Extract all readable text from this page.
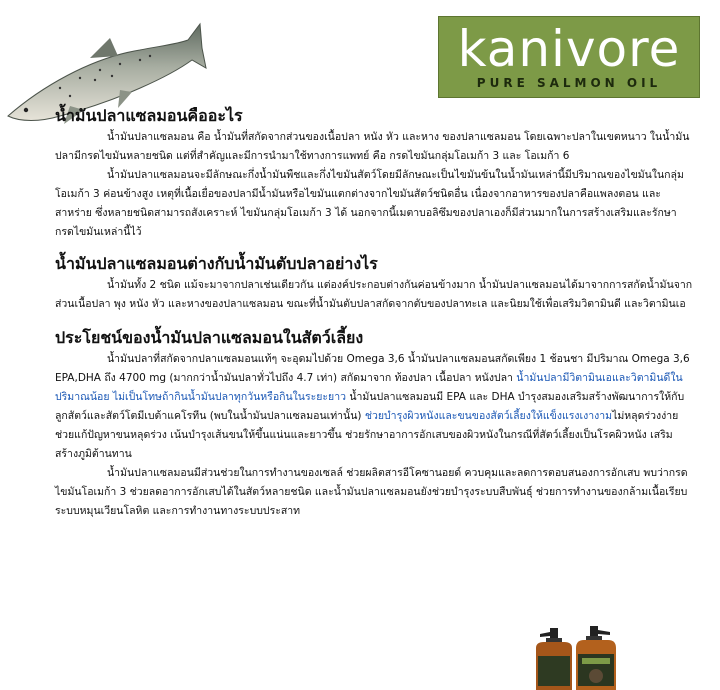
kanivore
PURE SALMON OIL
น้ำมันปลาแซลมอนคืออะไร

น้ำมันปลาแซลมอน คือ น้ำมันที่สกัดจากส่วนของเนื้อปลา หนัง หัว และหาง ของปลาแซลมอน โดยเฉพาะปลาในเขตหนาว ในน้ำมันปลามีกรดไขมันหลายชนิด แต่ที่สำคัญและมีการนำมาใช้ทางการแพทย์ คือ กรดไขมันกลุ่มโอเมก้า 3 และ โอเมก้า 6

น้ำมันปลาแซลมอนจะมีลักษณะกึ่งน้ำมันพืชและกึ่งไขมันสัตว์โดยมีลักษณะเป็นไขมันข้นในน้ำมันเหล่านี้มีปริมาณของไขมันในกลุ่มโอเมก้า 3 ค่อนข้างสูง เหตุที่เนื้อเยื่อของปลามีน้ำมันหรือไขมันแตกต่างจากไขมันสัตว์ชนิดอื่น เนื่องจากอาหารของปลาคือแพลงตอน และสาหร่าย ซึ่งหลายชนิดสามารถสังเคราะห์ ไขมันกลุ่มโอเมก้า 3 ได้ นอกจากนี้เมตาบอลิซึมของปลาเองก็มีส่วนมากในการสร้างเสริมและรักษากรดไขมันเหล่านี้ไว้

น้ำมันปลาแซลมอนต่างกับน้ำมันตับปลาอย่างไร

น้ำมันทั้ง 2 ชนิด แม้จะมาจากปลาเช่นเดียวกัน แต่องค์ประกอบต่างกันค่อนข้างมาก น้ำมันปลาแซลมอนได้มาจากการสกัดน้ำมันจากส่วนเนื้อปลา พุง หนัง หัว และหางของปลาแซลมอน ขณะที่น้ำมันตับปลาสกัดจากตับของปลาทะเล และนิยมใช้เพื่อเสริมวิตามินดี และวิตามินเอ

ประโยชน์ของน้ำมันปลาแซลมอนในสัตว์เลี้ยง

น้ำมันปลาที่สกัดจากปลาแซลมอนแท้ๆ จะอุดมไปด้วย Omega 3,6 น้ำมันปลาแซลมอนสกัดเพียง 1 ช้อนชา มีปริมาณ Omega 3,6 EPA,DHA ถึง 4700 mg (มากกว่าน้ำมันปลาทั่วไปถึง 4.7 เท่า) สกัดมาจาก ท้องปลา เนื้อปลา หนังปลา น้ำมันปลามีวิตามินเอและวิตามินดีในปริมาณน้อย ไม่เป็นโทษถ้ากินน้ำมันปลาทุกวันหรือกินในระยะยาว น้ำมันปลาแซลมอนมี EPA และ DHA บำรุงสมองเสริมสร้างพัฒนาการให้กับลูกสัตว์และสัตว์โตมีเบต้าแคโรทีน (พบในน้ำมันปลาแซลมอนเท่านั้น) ช่วยบำรุงผิวหนังและขนของสัตว์เลี้ยงให้แข็งแรงเงางามไม่หลุดร่วงง่าย ช่วยแก้ปัญหาขนหลุดร่วง เน้นบำรุงเส้นขนให้ขึ้นแน่นและยาวขึ้น ช่วยรักษาอาการอักเสบของผิวหนังในกรณีที่สัตว์เลี้ยงเป็นโรคผิวหนัง เสริมสร้างภูมิต้านทาน

น้ำมันปลาแซลมอนมีส่วนช่วยในการทำงานของเซลล์ ช่วยผลิตสารอีโคซานอยด์ ควบคุมและลดการตอบสนองการอักเสบ พบว่ากรดไขมันโอเมก้า 3 ช่วยลดอาการอักเสบได้ในสัตว์หลายชนิด และน้ำมันปลาแซลมอนยังช่วยบำรุงระบบสืบพันธุ์ ช่วยการทำงานของกล้ามเนื้อเรียบ ระบบหมุนเวียนโลหิต และการทำงานทางระบบประสาท
